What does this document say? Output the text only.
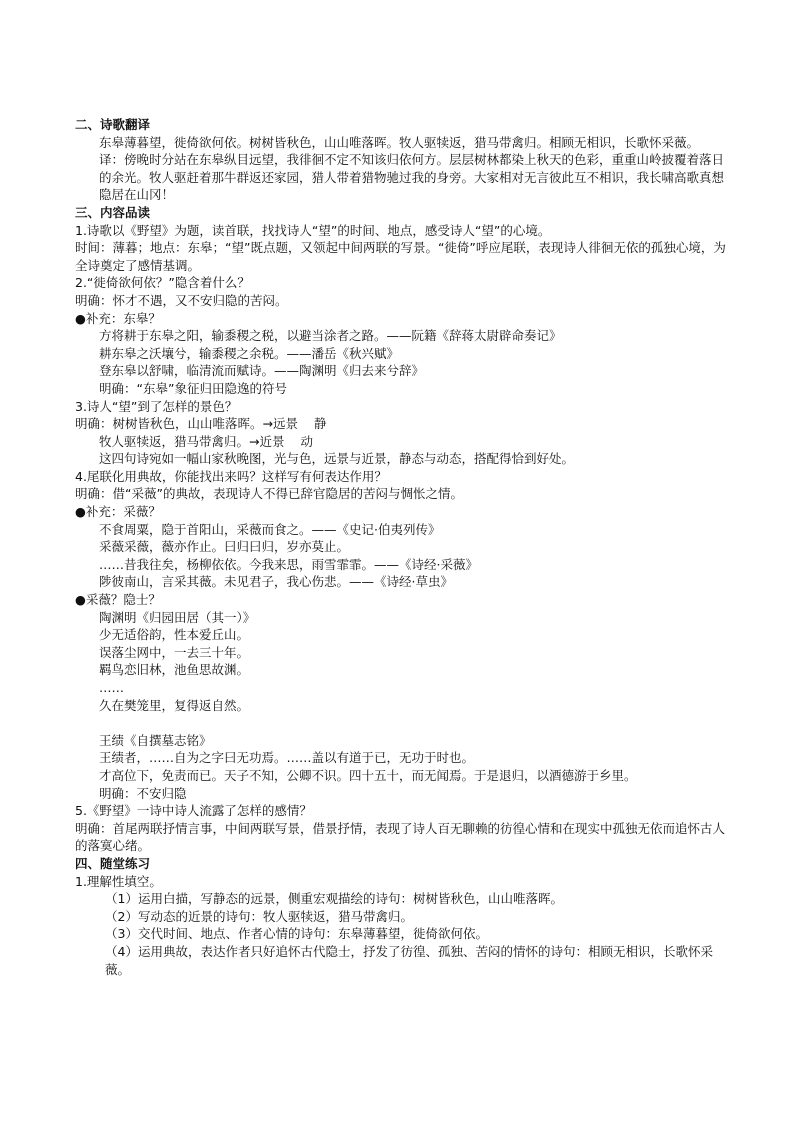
二、诗歌翻译
东皋薄暮望，徙倚欲何依。树树皆秋色，山山唯落晖。牧人驱犊返，猎马带禽归。相顾无相识，长歌怀采薇。
译：傍晚时分站在东皋纵目远望，我徘徊不定不知该归依何方。层层树林都染上秋天的色彩，重重山岭披覆着落日的余光。牧人驱赶着那牛群返还家园，猎人带着猎物驰过我的身旁。大家相对无言彼此互不相识，我长啸高歌真想隐居在山冈！
三、内容品读
1.诗歌以《野望》为题，读首联，找找诗人“望”的时间、地点，感受诗人“望”的心境。
时间：薄暮；地点：东皋；“望”既点题，又领起中间两联的写景。“徙倚”呼应尾联，表现诗人徘徊无依的孤独心境，为全诗奠定了感情基调。
2.“徙倚欲何依？”隐含着什么？
明确：怀才不遇，又不安归隐的苦闷。
●补充：东皋？
方将耕于东皋之阳，输黍稷之税，以避当涂者之路。——阮籍《辞蒋太尉辟命奏记》
耕东皋之沃壤兮，输黍稷之余税。——潘岳《秋兴赋》
登东皋以舒啸，临清流而赋诗。——陶渊明《归去来兮辞》
明确：“东皋”象征归田隐逸的符号
3.诗人“望”到了怎样的景色？
明确：树树皆秋色，山山唯落晖。→远景 静
牧人驱犊返，猎马带禽归。→近景 动
这四句诗宛如一幅山家秋晚图，光与色，远景与近景，静态与动态，搭配得恰到好处。
4.尾联化用典故，你能找出来吗？这样写有何表达作用？
明确：借“采薇”的典故，表现诗人不得已辞官隐居的苦闷与惆怅之情。
●补充：采薇？
不食周粟，隐于首阳山，采薇而食之。——《史记·伯夷列传》
采薇采薇，薇亦作止。曰归曰归，岁亦莫止。
……昔我往矣，杨柳依依。今我来思，雨雪霏霏。——《诗经·采薇》
陟彼南山，言采其薇。未见君子，我心伤悲。——《诗经·草虫》
●采薇？隐士？
陶渊明《归园田居（其一）》
少无适俗韵，性本爱丘山。
误落尘网中，一去三十年。
羁鸟恋旧林，池鱼思故渊。
……
久在樊笼里，复得返自然。
王绩《自撰墓志铭》
王绩者，……自为之字曰无功焉。……盖以有道于已，无功于时也。
才高位下，免责而已。天子不知，公卿不识。四十五十，而无闻焉。于是退归，以酒德游于乡里。
明确：不安归隐
5.《野望》一诗中诗人流露了怎样的感情？
明确：首尾两联抒情言事，中间两联写景，借景抒情，表现了诗人百无聊赖的彷徨心情和在现实中孤独无依而追怀古人的落寞心绪。
四、随堂练习
1.理解性填空。
（1）运用白描，写静态的远景，侧重宏观描绘的诗句：树树皆秋色，山山唯落晖。
（2）写动态的近景的诗句：牧人驱犊返，猎马带禽归。
（3）交代时间、地点、作者心情的诗句：东皋薄暮望，徙倚欲何依。
（4）运用典故，表达作者只好追怀古代隐士，抒发了彷徨、孤独、苦闷的情怀的诗句：相顾无相识，长歌怀采薇。
